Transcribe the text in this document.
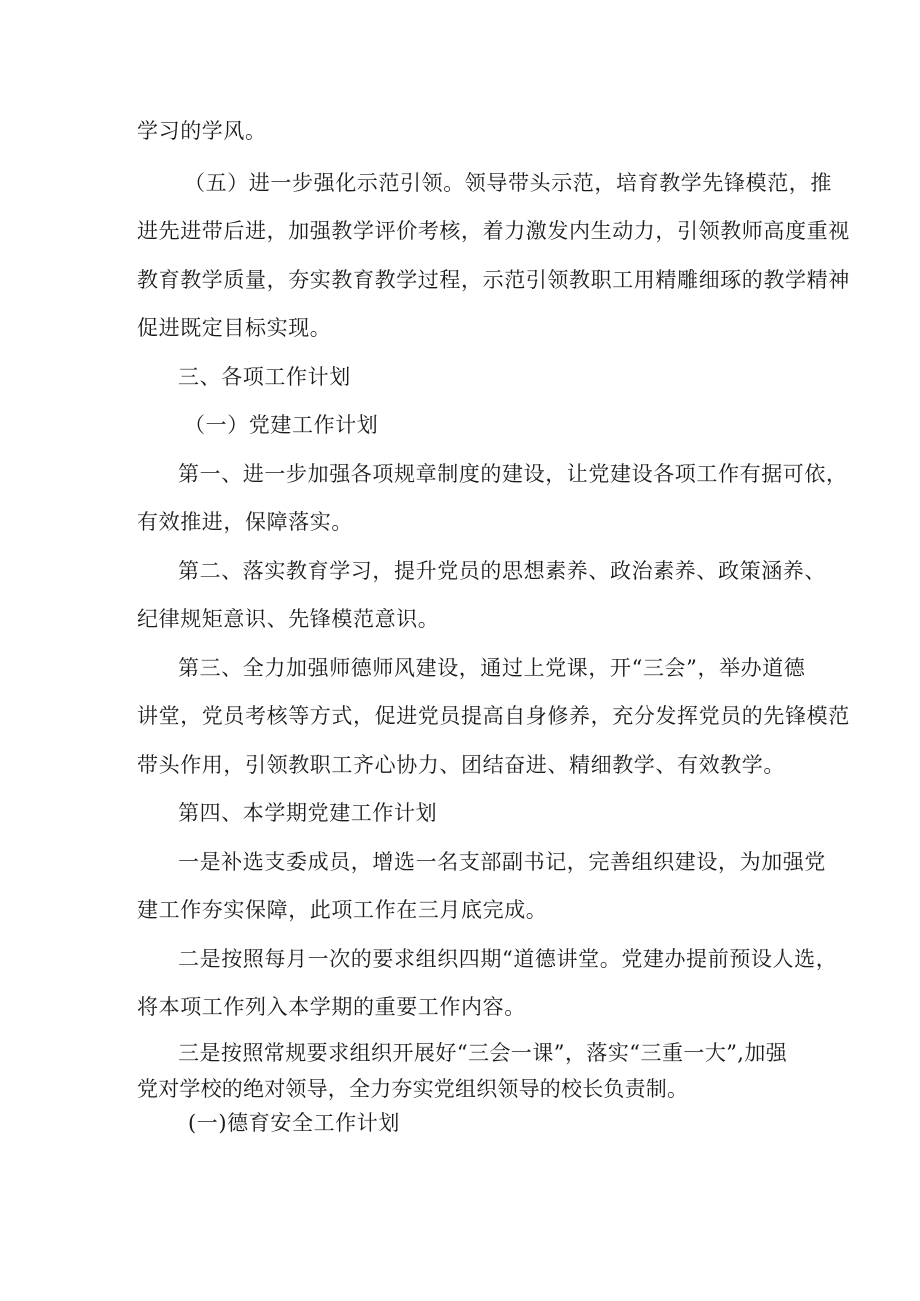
学习的学风。
（五）进一步强化示范引领。领导带头示范，培育教学先锋模范，推
进先进带后进，加强教学评价考核，着力激发内生动力，引领教师高度重视
教育教学质量，夯实教育教学过程，示范引领教职工用精雕细琢的教学精神
促进既定目标实现。
三、各项工作计划
（一）党建工作计划
第一、进一步加强各项规章制度的建设，让党建设各项工作有据可依，
有效推进，保障落实。
第二、落实教育学习，提升党员的思想素养、政治素养、政策涵养、
纪律规矩意识、先锋模范意识。
第三、全力加强师德师风建设，通过上党课，开“三会”，举办道德
讲堂，党员考核等方式，促进党员提高自身修养，充分发挥党员的先锋模范
带头作用，引领教职工齐心协力、团结奋进、精细教学、有效教学。
第四、本学期党建工作计划
一是补选支委成员，增选一名支部副书记，完善组织建设，为加强党
建工作夯实保障，此项工作在三月底完成。
二是按照每月一次的要求组织四期“道德讲堂。党建办提前预设人选，
将本项工作列入本学期的重要工作内容。
三是按照常规要求组织开展好“三会一课”，落实“三重一大”,加强
党对学校的绝对领导，全力夯实党组织领导的校长负责制。
(一)德育安全工作计划
